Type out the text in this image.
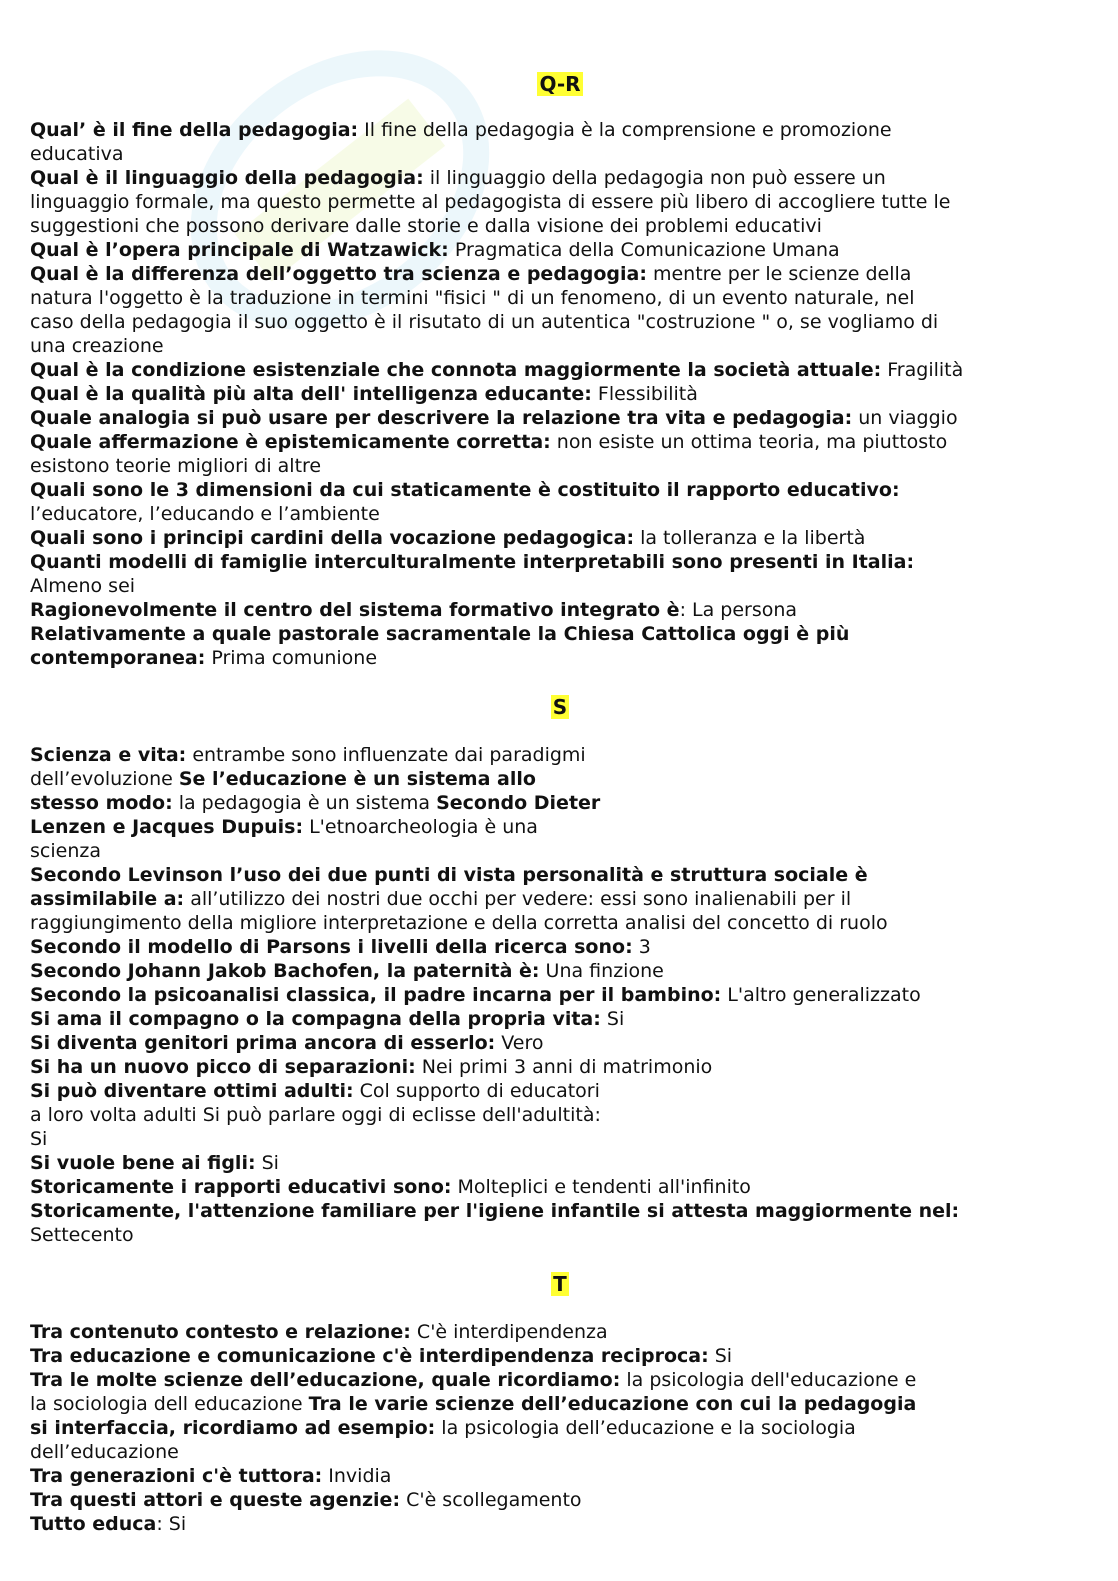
Q-R

Qual’ è il fine della pedagogia: Il fine della pedagogia è la comprensione e promozione

educativa

Qual è il linguaggio della pedagogia: il linguaggio della pedagogia non può essere un

linguaggio formale, ma questo permette al pedagogista di essere più libero di accogliere tutte le

suggestioni che possono derivare dalle storie e dalla visione dei problemi educativi

Qual è l’opera principale di Watzawick: Pragmatica della Comunicazione Umana

Qual è la differenza dell’oggetto tra scienza e pedagogia: mentre per le scienze della

natura l'oggetto è la traduzione in termini "fisici " di un fenomeno, di un evento naturale, nel

caso della pedagogia il suo oggetto è il risutato di un autentica "costruzione " o, se vogliamo di

una creazione

Qual è la condizione esistenziale che connota maggiormente la società attuale: Fragilità

Qual è la qualità più alta dell' intelligenza educante: Flessibilità

Quale analogia si può usare per descrivere la relazione tra vita e pedagogia: un viaggio

Quale affermazione è epistemicamente corretta: non esiste un ottima teoria, ma piuttosto

esistono teorie migliori di altre

Quali sono le 3 dimensioni da cui staticamente è costituito il rapporto educativo:

l’educatore, l’educando e l’ambiente

Quali sono i principi cardini della vocazione pedagogica: la tolleranza e la libertà

Quanti modelli di famiglie interculturalmente interpretabili sono presenti in Italia:

Almeno sei

Ragionevolmente il centro del sistema formativo integrato è: La persona

Relativamente a quale pastorale sacramentale la Chiesa Cattolica oggi è più

contemporanea: Prima comunione

S

Scienza e vita: entrambe sono influenzate dai paradigmi

dell’evoluzione Se l’educazione è un sistema allo

stesso modo: la pedagogia è un sistema Secondo Dieter

Lenzen e Jacques Dupuis: L'etnoarcheologia è una

scienza

Secondo Levinson l’uso dei due punti di vista personalità e struttura sociale è

assimilabile a: all’utilizzo dei nostri due occhi per vedere: essi sono inalienabili per il

raggiungimento della migliore interpretazione e della corretta analisi del concetto di ruolo

Secondo il modello di Parsons i livelli della ricerca sono: 3

Secondo Johann Jakob Bachofen, la paternità è: Una finzione

Secondo la psicoanalisi classica, il padre incarna per il bambino: L'altro generalizzato

Si ama il compagno o la compagna della propria vita: Si

Si diventa genitori prima ancora di esserlo: Vero

Si ha un nuovo picco di separazioni: Nei primi 3 anni di matrimonio

Si può diventare ottimi adulti: Col supporto di educatori

a loro volta adulti Si può parlare oggi di eclisse dell'adultità:

Si

Si vuole bene ai figli: Si

Storicamente i rapporti educativi sono: Molteplici e tendenti all'infinito

Storicamente, l'attenzione familiare per l'igiene infantile si attesta maggiormente nel:

Settecento

T

Tra contenuto contesto e relazione: C'è interdipendenza

Tra educazione e comunicazione c'è interdipendenza reciproca: Si

Tra le molte scienze dell’educazione, quale ricordiamo: la psicologia dell'educazione e

la sociologia dell educazione Tra le varie scienze dell’educazione con cui la pedagogia

si interfaccia, ricordiamo ad esempio: la psicologia dell’educazione e la sociologia

dell’educazione

Tra generazioni c'è tuttora: Invidia

Tra questi attori e queste agenzie: C'è scollegamento

Tutto educa: Si
